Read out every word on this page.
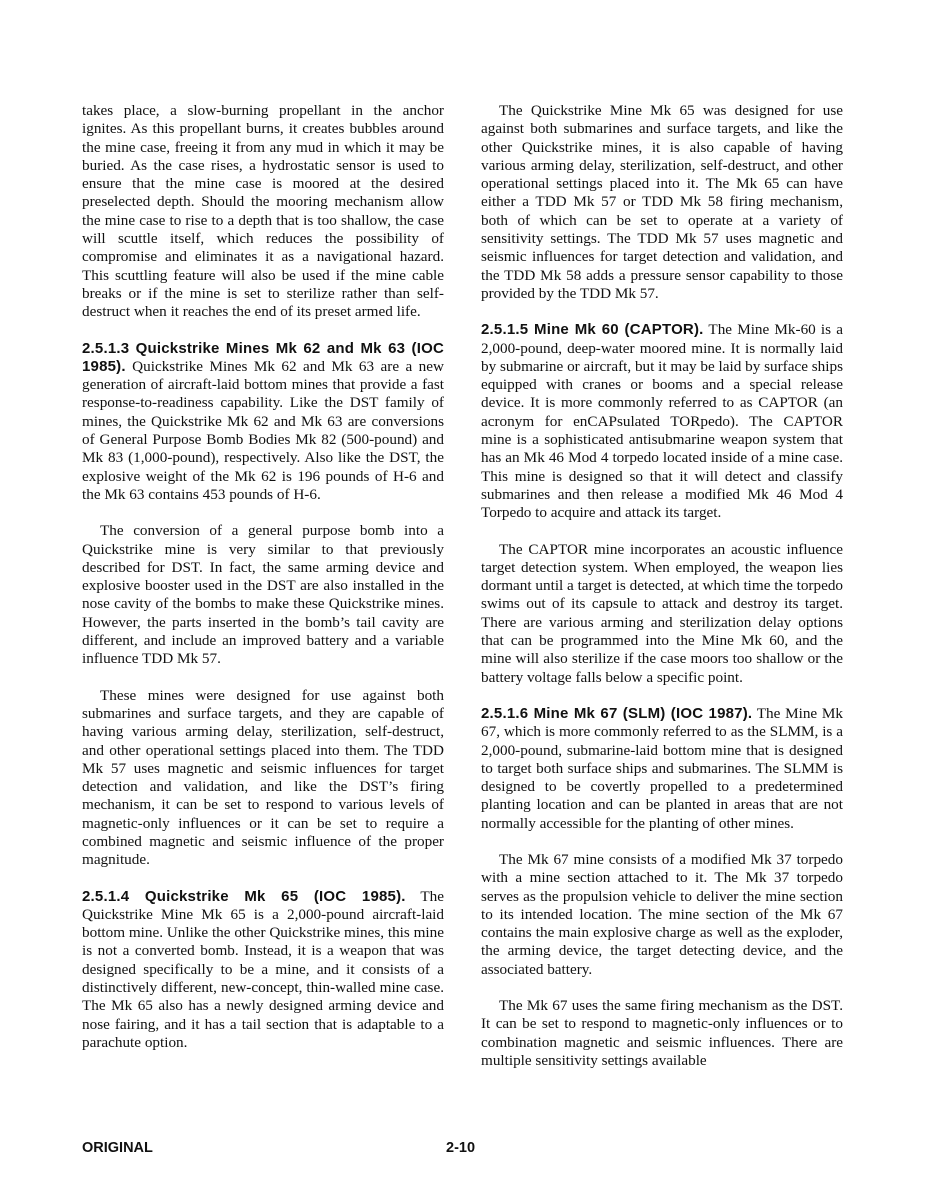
takes place, a slow-burning propellant in the anchor ignites. As this propellant burns, it creates bubbles around the mine case, freeing it from any mud in which it may be buried. As the case rises, a hydrostatic sensor is used to ensure that the mine case is moored at the desired preselected depth. Should the mooring mechanism allow the mine case to rise to a depth that is too shallow, the case will scuttle itself, which reduces the possibility of compromise and eliminates it as a navigational hazard. This scuttling feature will also be used if the mine cable breaks or if the mine is set to sterilize rather than self-destruct when it reaches the end of its preset armed life.

2.5.1.3 Quickstrike Mines Mk 62 and Mk 63 (IOC 1985). Quickstrike Mines Mk 62 and Mk 63 are a new generation of aircraft-laid bottom mines that provide a fast response-to-readiness capability. Like the DST family of mines, the Quickstrike Mk 62 and Mk 63 are conversions of General Purpose Bomb Bodies Mk 82 (500-pound) and Mk 83 (1,000-pound), respectively. Also like the DST, the explosive weight of the Mk 62 is 196 pounds of H-6 and the Mk 63 contains 453 pounds of H-6.

The conversion of a general purpose bomb into a Quickstrike mine is very similar to that previously described for DST. In fact, the same arming device and explosive booster used in the DST are also installed in the nose cavity of the bombs to make these Quickstrike mines. However, the parts inserted in the bomb’s tail cavity are different, and include an improved battery and a variable influence TDD Mk 57.

These mines were designed for use against both submarines and surface targets, and they are capable of having various arming delay, sterilization, self-destruct, and other operational settings placed into them. The TDD Mk 57 uses magnetic and seismic influences for target detection and validation, and like the DST’s firing mechanism, it can be set to respond to various levels of magnetic-only influences or it can be set to require a combined magnetic and seismic influence of the proper magnitude.

2.5.1.4 Quickstrike Mk 65 (IOC 1985). The Quickstrike Mine Mk 65 is a 2,000-pound aircraft-laid bottom mine. Unlike the other Quickstrike mines, this mine is not a converted bomb. Instead, it is a weapon that was designed specifically to be a mine, and it consists of a distinctively different, new-concept, thin-walled mine case. The Mk 65 also has a newly designed arming device and nose fairing, and it has a tail section that is adaptable to a parachute option.

The Quickstrike Mine Mk 65 was designed for use against both submarines and surface targets, and like the other Quickstrike mines, it is also capable of having various arming delay, sterilization, self-destruct, and other operational settings placed into it. The Mk 65 can have either a TDD Mk 57 or TDD Mk 58 firing mechanism, both of which can be set to operate at a variety of sensitivity settings. The TDD Mk 57 uses magnetic and seismic influences for target detection and validation, and the TDD Mk 58 adds a pressure sensor capability to those provided by the TDD Mk 57.

2.5.1.5 Mine Mk 60 (CAPTOR). The Mine Mk-60 is a 2,000-pound, deep-water moored mine. It is normally laid by submarine or aircraft, but it may be laid by surface ships equipped with cranes or booms and a special release device. It is more commonly referred to as CAPTOR (an acronym for enCAPsulated TORpedo). The CAPTOR mine is a sophisticated antisubmarine weapon system that has an Mk 46 Mod 4 torpedo located inside of a mine case. This mine is designed so that it will detect and classify submarines and then release a modified Mk 46 Mod 4 Torpedo to acquire and attack its target.

The CAPTOR mine incorporates an acoustic influence target detection system. When employed, the weapon lies dormant until a target is detected, at which time the torpedo swims out of its capsule to attack and destroy its target. There are various arming and sterilization delay options that can be programmed into the Mine Mk 60, and the mine will also sterilize if the case moors too shallow or the battery voltage falls below a specific point.

2.5.1.6 Mine Mk 67 (SLM) (IOC 1987). The Mine Mk 67, which is more commonly referred to as the SLMM, is a 2,000-pound, submarine-laid bottom mine that is designed to target both surface ships and submarines. The SLMM is designed to be covertly propelled to a predetermined planting location and can be planted in areas that are not normally accessible for the planting of other mines.

The Mk 67 mine consists of a modified Mk 37 torpedo with a mine section attached to it. The Mk 37 torpedo serves as the propulsion vehicle to deliver the mine section to its intended location. The mine section of the Mk 67 contains the main explosive charge as well as the exploder, the arming device, the target detecting device, and the associated battery.

The Mk 67 uses the same firing mechanism as the DST. It can be set to respond to magnetic-only influences or to combination magnetic and seismic influences. There are multiple sensitivity settings available

ORIGINAL	2-10
